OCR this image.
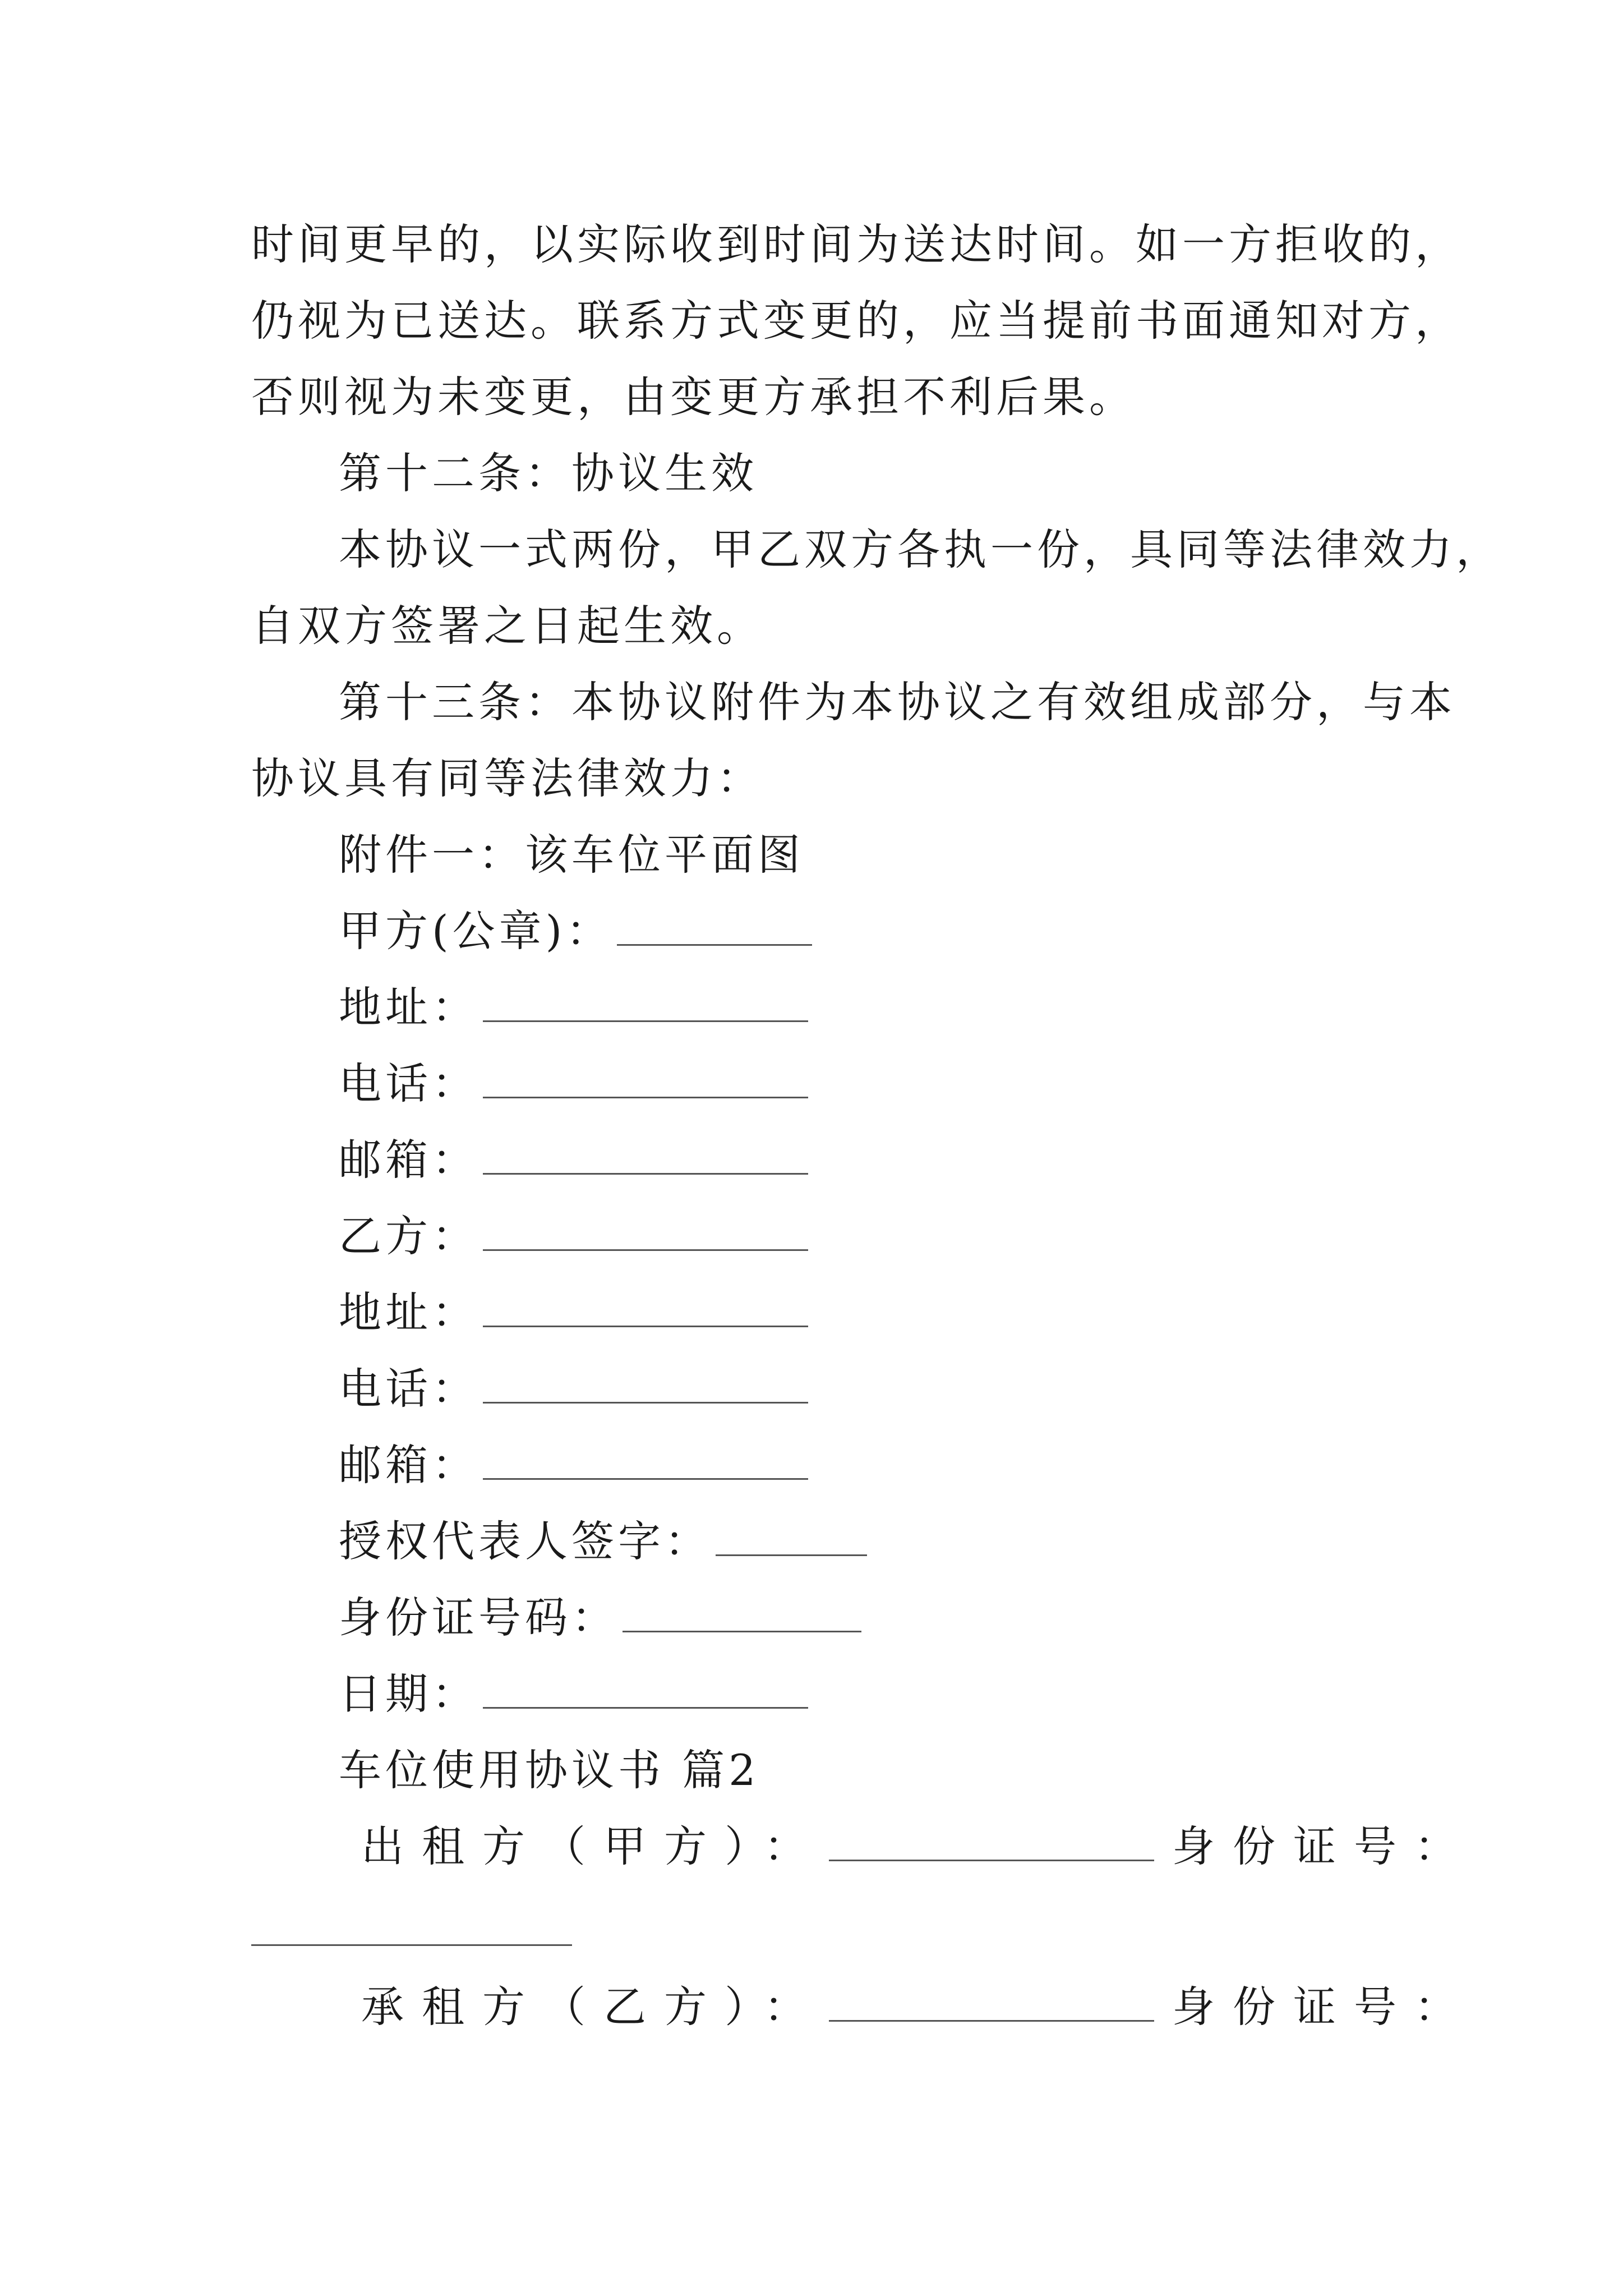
时间更早的，以实际收到时间为送达时间。如一方拒收的，
仍视为已送达。联系方式变更的，应当提前书面通知对方，
否则视为未变更，由变更方承担不利后果。
第十二条：协议生效
本协议一式两份，甲乙双方各执一份，具同等法律效力，
自双方签署之日起生效。
第十三条：本协议附件为本协议之有效组成部分，与本
协议具有同等法律效力：
附件一：该车位平面图
甲方(公章)：
地址：
电话：
邮箱：
乙方：
地址：
电话：
邮箱：
授权代表人签字：
身份证号码：
日期：
车位使用协议书 篇2
出租方（甲方）：	身份证号：
承租方（乙方）：	身份证号：
